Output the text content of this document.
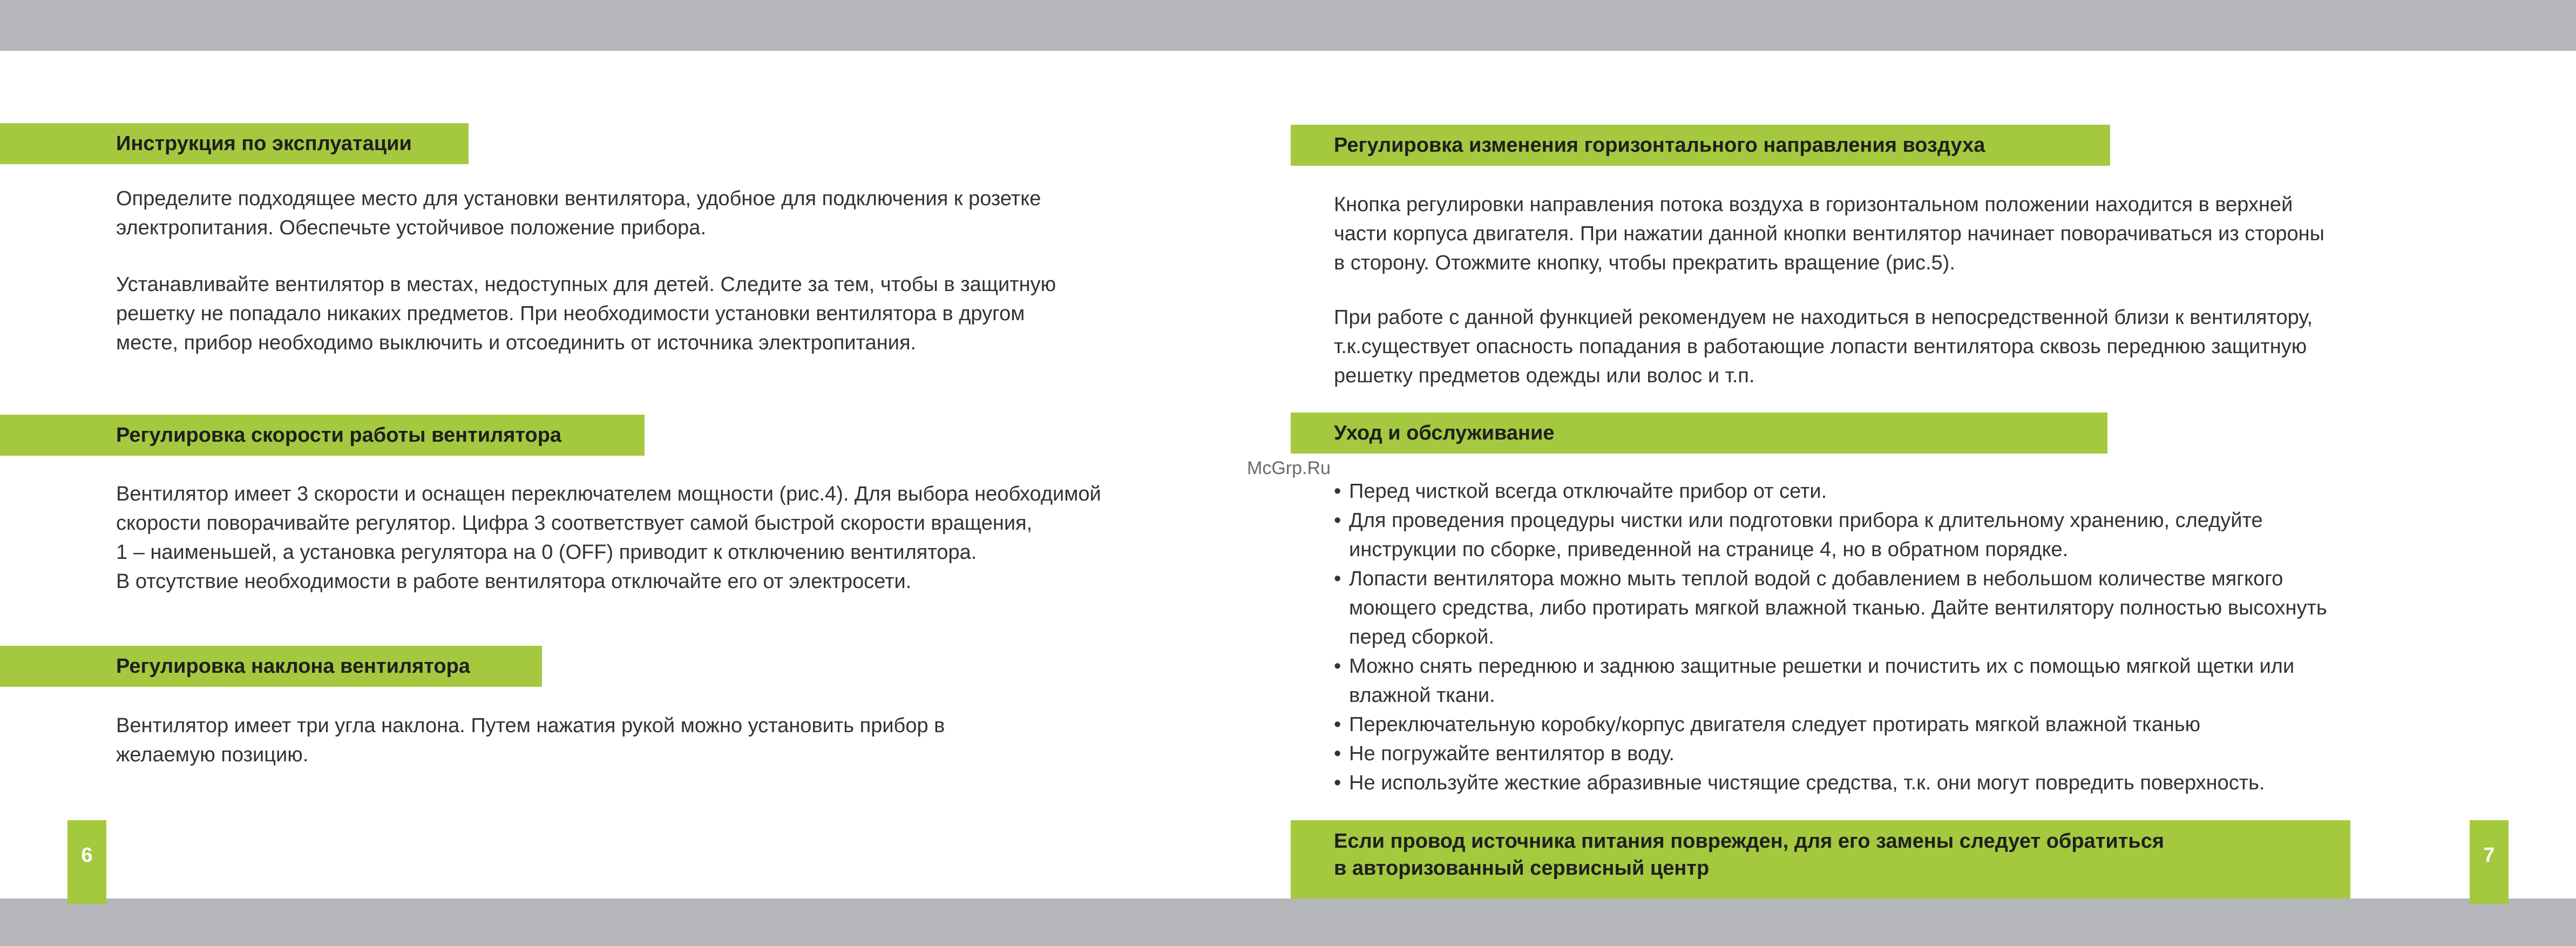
Инструкция по эксплуатации

Определите подходящее место для установки вентилятора, удобное для подключения к розетке
электропитания. Обеспечьте устойчивое положение прибора.

Устанавливайте вентилятор в местах, недоступных для детей. Следите за тем, чтобы в защитную
решетку не попадало никаких предметов. При необходимости установки вентилятора в другом
месте, прибор необходимо выключить и отсоединить от источника электропитания.

Регулировка скорости работы вентилятора

Вентилятор имеет 3 скорости и оснащен переключателем мощности (рис.4). Для выбора необходимой
скорости поворачивайте регулятор. Цифра 3 соответствует самой быстрой скорости вращения,
1 – наименьшей, а установка регулятора на 0 (OFF) приводит к отключению вентилятора.
В отсутствие необходимости в работе вентилятора отключайте его от электросети.

Регулировка наклона вентилятора

Вентилятор имеет три угла наклона. Путем нажатия рукой можно установить прибор в
желаемую позицию.

6
McGrp.Ru
Регулировка изменения горизонтального направления воздуха

Кнопка регулировки направления потока воздуха в горизонтальном положении находится в верхней
части корпуса двигателя. При нажатии данной кнопки вентилятор начинает поворачиваться из стороны
в сторону. Отожмите кнопку, чтобы прекратить вращение (рис.5).

При работе с данной функцией рекомендуем не находиться в непосредственной близи к вентилятору,
т.к.существует опасность попадания в работающие лопасти вентилятора сквозь переднюю защитную
решетку предметов одежды или волос и т.п.

Уход и обслуживание
• Перед чисткой всегда отключайте прибор от сети.
• Для проведения процедуры чистки или подготовки прибора к длительному хранению, следуйте
инструкции по сборке, приведенной на странице 4, но в обратном порядке.
• Лопасти вентилятора можно мыть теплой водой с добавлением в небольшом количестве мягкого
моющего средства, либо протирать мягкой влажной тканью. Дайте вентилятору полностью высохнуть
перед сборкой.
• Можно снять переднюю и заднюю защитные решетки и почистить их с помощью мягкой щетки или
влажной ткани.
• Переключательную коробку/корпус двигателя следует протирать мягкой влажной тканью
• Не погружайте вентилятор в воду.
• Не используйте жесткие абразивные чистящие средства, т.к. они могут повредить поверхность.
Если провод источника питания поврежден, для его замены следует обратиться
в авторизованный сервисный центр
7
